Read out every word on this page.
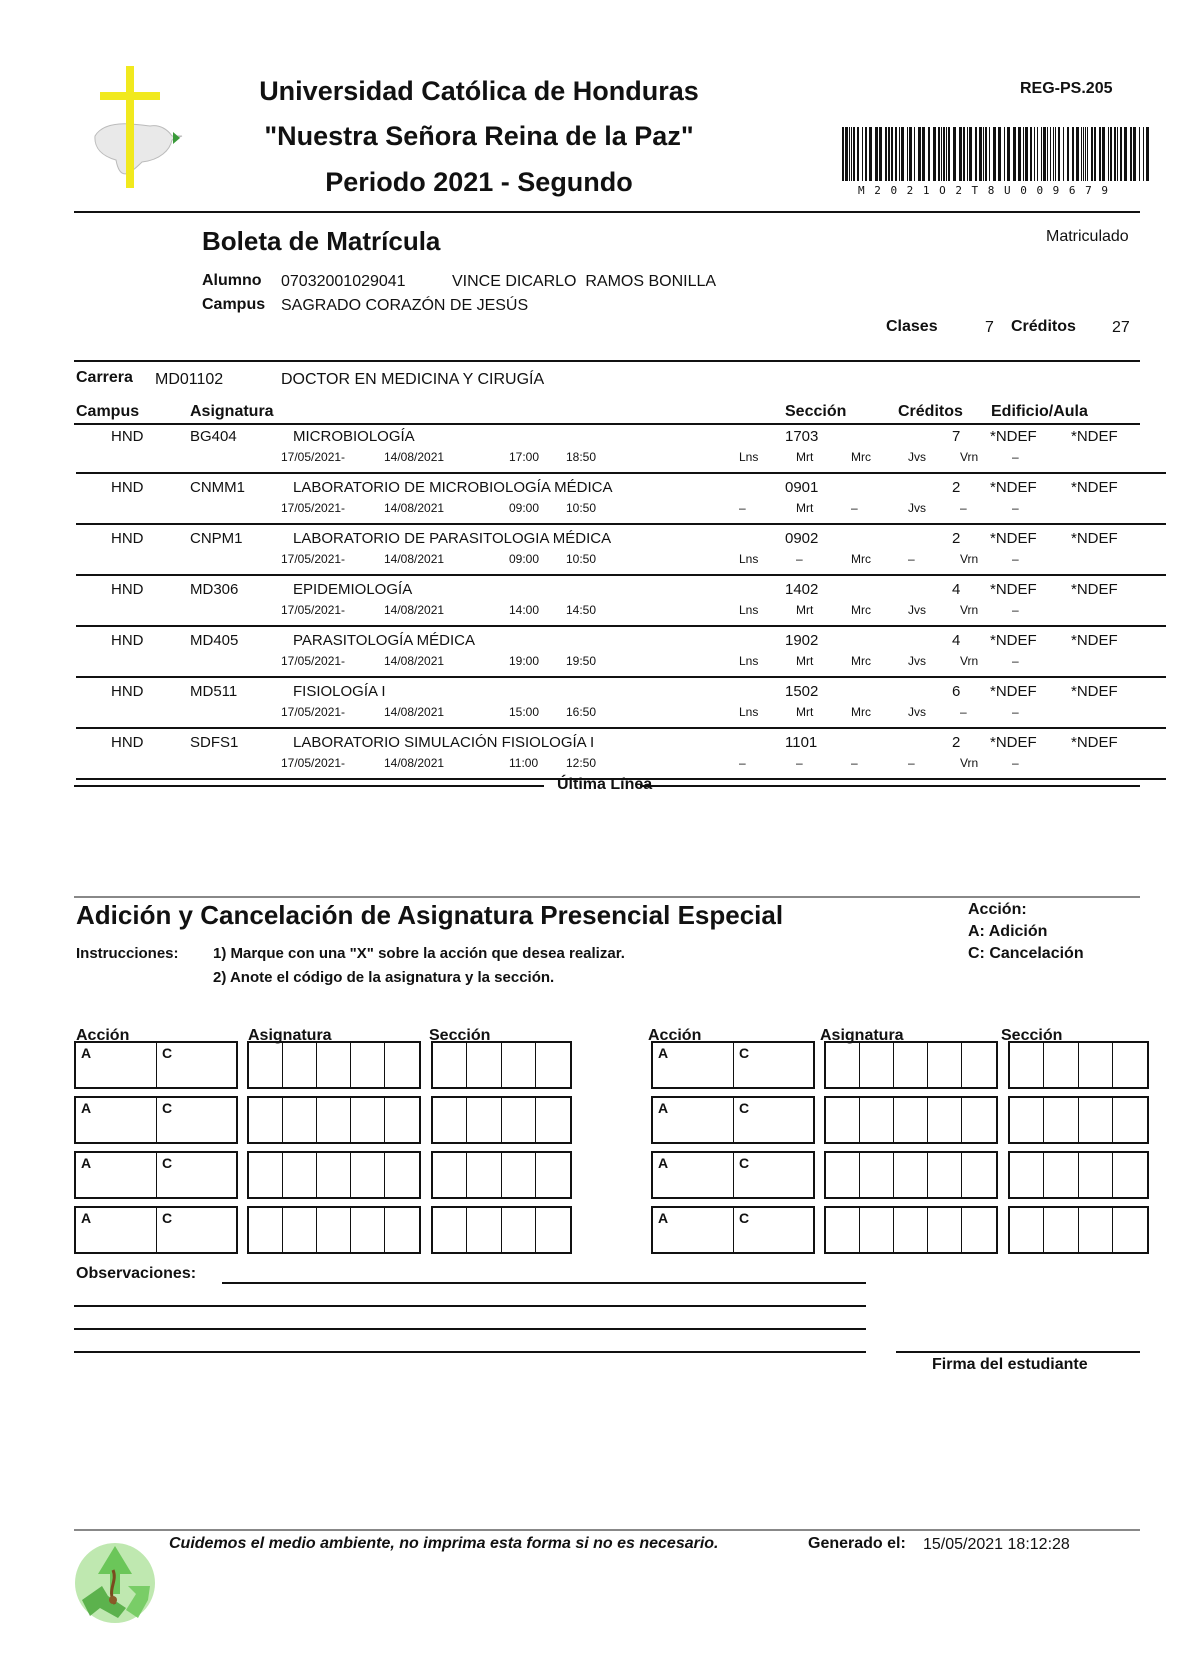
Universidad Católica de Honduras
"Nuestra Señora Reina de la Paz"
Periodo 2021 - Segundo
REG-PS.205
M2021O2T8U009679
Boleta de Matrícula	Matriculado
Alumno 07032001029041	VINCE DICARLO  RAMOS BONILLA
Campus SAGRADO CORAZÓN DE JESÚS
Clases	7 Créditos 27
Carrera MD01102	DOCTOR EN MEDICINA Y CIRUGÍA
Campus	Asignatura	Sección	Créditos Edificio/Aula
HND	BG404	MICROBIOLOGÍA	1703	7 *NDEF *NDEF
17/05/2021-	14/08/2021	17:00 18:50	Lns	Mrt	Mrc	Jvs	Vrn	–
HND	CNMM1	LABORATORIO DE MICROBIOLOGÍA MÉDICA	0901	2 *NDEF *NDEF
17/05/2021-	14/08/2021	09:00 10:50	–	Mrt	–	Jvs	–	–
HND	CNPM1	LABORATORIO DE PARASITOLOGIA MÉDICA	0902	2 *NDEF *NDEF
17/05/2021-	14/08/2021	09:00 10:50	Lns	–	Mrc	–	Vrn	–
HND	MD306	EPIDEMIOLOGÍA	1402	4 *NDEF *NDEF
17/05/2021-	14/08/2021	14:00 14:50	Lns	Mrt	Mrc	Jvs	Vrn	–
HND	MD405	PARASITOLOGÍA MÉDICA	1902	4 *NDEF *NDEF
17/05/2021-	14/08/2021	19:00 19:50	Lns	Mrt	Mrc	Jvs	Vrn	–
HND	MD511	FISIOLOGÍA I	1502	6 *NDEF *NDEF
17/05/2021-	14/08/2021	15:00 16:50	Lns	Mrt	Mrc	Jvs	–	–
HND	SDFS1	LABORATORIO SIMULACIÓN FISIOLOGÍA I	1101	2 *NDEF *NDEF
17/05/2021-	14/08/2021	11:00 12:50	–	–	–	–	Vrn	–
Última Línea
Adición y Cancelación de Asignatura Presencial Especial	Acción:
A: Adición
C: Cancelación
Instrucciones: 1) Marque con una "X" sobre la acción que desea realizar.
2) Anote el código de la asignatura y la sección.
Acción	Asignatura	Sección	Acción	Asignatura	Sección
A	C
A	C
A	C
A	C
A	C
A	C
A	C
A	C
Observaciones:
Firma del estudiante
Cuidemos el medio ambiente, no imprima esta forma si no es necesario.	Generado el: 15/05/2021 18:12:28
